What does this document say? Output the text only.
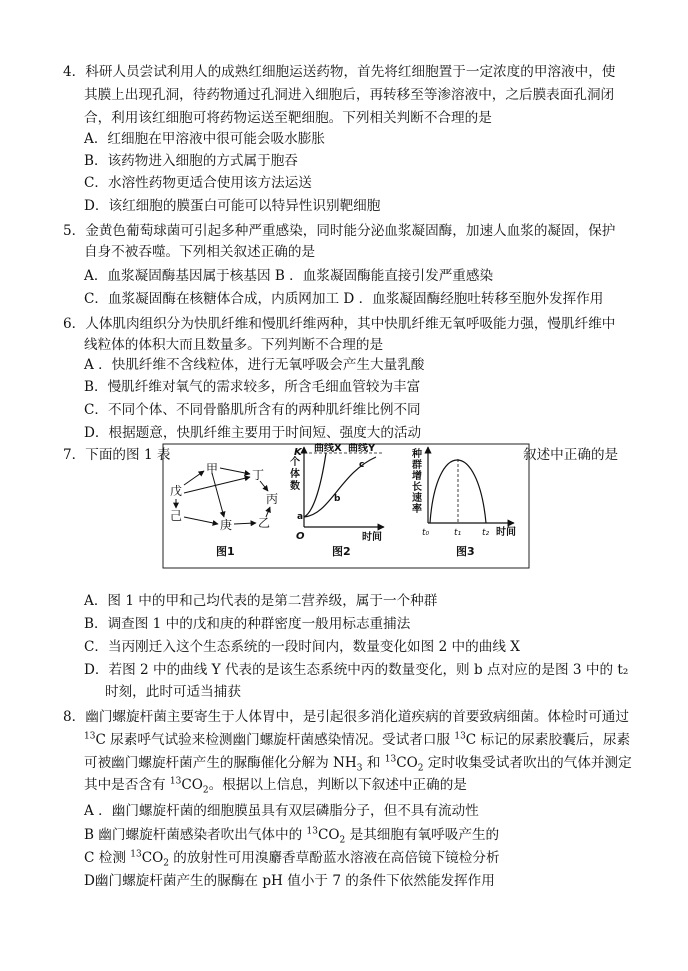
4．科研人员尝试利用人的成熟红细胞运送药物，首先将红细胞置于一定浓度的甲溶液中，使
其膜上出现孔洞，待药物通过孔洞进入细胞后，再转移至等渗溶液中，之后膜表面孔洞闭
合，利用该红细胞可将药物运送至靶细胞。下列相关判断不合理的是
A．红细胞在甲溶液中很可能会吸水膨胀
B．该药物进入细胞的方式属于胞吞
C．水溶性药物更适合使用该方法运送
D．该红细胞的膜蛋白可能可以特异性识别靶细胞
5．金黄色葡萄球菌可引起多种严重感染，同时能分泌血浆凝固酶，加速人血浆的凝固，保护
自身不被吞噬。下列相关叙述正确的是
A．血浆凝固酶基因属于核基因 B ．血浆凝固酶能直接引发严重感染
C．血浆凝固酶在核糖体合成，内质网加工 D ．血浆凝固酶经胞吐转移至胞外发挥作用
6．人体肌肉组织分为快肌纤维和慢肌纤维两种，其中快肌纤维无氧呼吸能力强，慢肌纤维中
线粒体的体积大而且数量多。下列判断不合理的是
A ．快肌纤维不含线粒体，进行无氧呼吸会产生大量乳酸
B．慢肌纤维对氧气的需求较多，所含毛细血管较为丰富
C．不同个体、不同骨骼肌所含有的两种肌纤维比例不同
D．根据题意，快肌纤维主要用于时间短、强度大的活动
7．下面的图 1 表	叙述中正确的是
甲	丁
戊
丙
己
庚 乙
图1
个
体
数
K 曲线X 曲线Y
a
b
c
O	时间
图2
种
群
增
长
速
率
t₀	t₁ t₂ 时间
图3
A．图 1 中的甲和己均代表的是第二营养级，属于一个种群
B．调查图 1 中的戊和庚的种群密度一般用标志重捕法
C．当丙刚迁入这个生态系统的一段时间内，数量变化如图 2 中的曲线 X
D．若图 2 中的曲线 Y 代表的是该生态系统中丙的数量变化，则 b 点对应的是图 3 中的 t₂
时刻，此时可适当捕获
8．幽门螺旋杆菌主要寄生于人体胃中，是引起很多消化道疾病的首要致病细菌。体检时可通过
$^{13}$C 尿素呼气试验来检测幽门螺旋杆菌感染情况。受试者口服 $^{13}$C 标记的尿素胶囊后，尿素
可被幽门螺旋杆菌产生的脲酶催化分解为 $NH_3$ 和 $^{13}CO_2$ 定时收集受试者吹出的气体并测定
其中是否含有 $^{13}CO_2$。根据以上信息，判断以下叙述中正确的是
A ．幽门螺旋杆菌的细胞膜虽具有双层磷脂分子，但不具有流动性
B 幽门螺旋杆菌感染者吹出气体中的 $^{13}CO_2$ 是其细胞有氧呼吸产生的
C 检测 $^{13}CO_2$ 的放射性可用溴麝香草酚蓝水溶液在高倍镜下镜检分析
D幽门螺旋杆菌产生的脲酶在 pH 值小于 7 的条件下依然能发挥作用
